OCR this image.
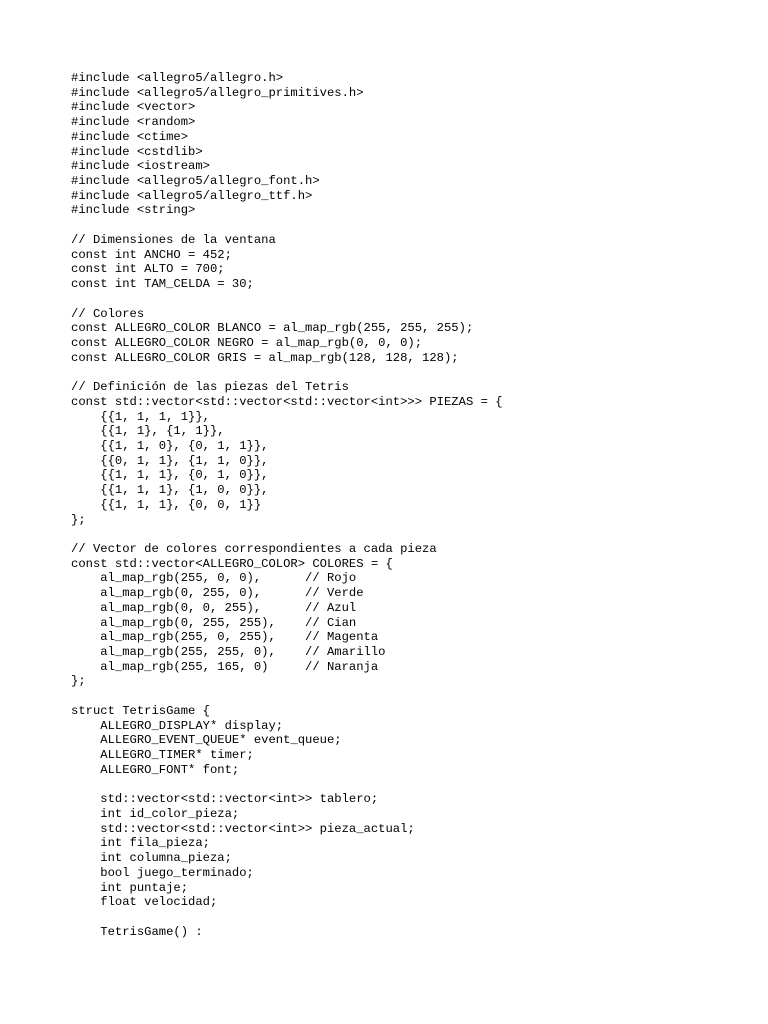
#include <allegro5/allegro.h>
#include <allegro5/allegro_primitives.h>
#include <vector>
#include <random>
#include <ctime>
#include <cstdlib>
#include <iostream>
#include <allegro5/allegro_font.h>
#include <allegro5/allegro_ttf.h>
#include <string>
// Dimensiones de la ventana
const int ANCHO = 452;
const int ALTO = 700;
const int TAM_CELDA = 30;
// Colores
const ALLEGRO_COLOR BLANCO = al_map_rgb(255, 255, 255);
const ALLEGRO_COLOR NEGRO = al_map_rgb(0, 0, 0);
const ALLEGRO_COLOR GRIS = al_map_rgb(128, 128, 128);
// Definición de las piezas del Tetris
const std::vector<std::vector<std::vector<int>>> PIEZAS = {
{{1, 1, 1, 1}},
{{1, 1}, {1, 1}},
{{1, 1, 0}, {0, 1, 1}},
{{0, 1, 1}, {1, 1, 0}},
{{1, 1, 1}, {0, 1, 0}},
{{1, 1, 1}, {1, 0, 0}},
{{1, 1, 1}, {0, 0, 1}}
};
// Vector de colores correspondientes a cada pieza
const std::vector<ALLEGRO_COLOR> COLORES = {
al_map_rgb(255, 0, 0),      // Rojo
al_map_rgb(0, 255, 0),      // Verde
al_map_rgb(0, 0, 255),      // Azul
al_map_rgb(0, 255, 255),    // Cian
al_map_rgb(255, 0, 255),    // Magenta
al_map_rgb(255, 255, 0),    // Amarillo
al_map_rgb(255, 165, 0)     // Naranja
};
struct TetrisGame {
ALLEGRO_DISPLAY* display;
ALLEGRO_EVENT_QUEUE* event_queue;
ALLEGRO_TIMER* timer;
ALLEGRO_FONT* font;
std::vector<std::vector<int>> tablero;
int id_color_pieza;
std::vector<std::vector<int>> pieza_actual;
int fila_pieza;
int columna_pieza;
bool juego_terminado;
int puntaje;
float velocidad;
TetrisGame() :
